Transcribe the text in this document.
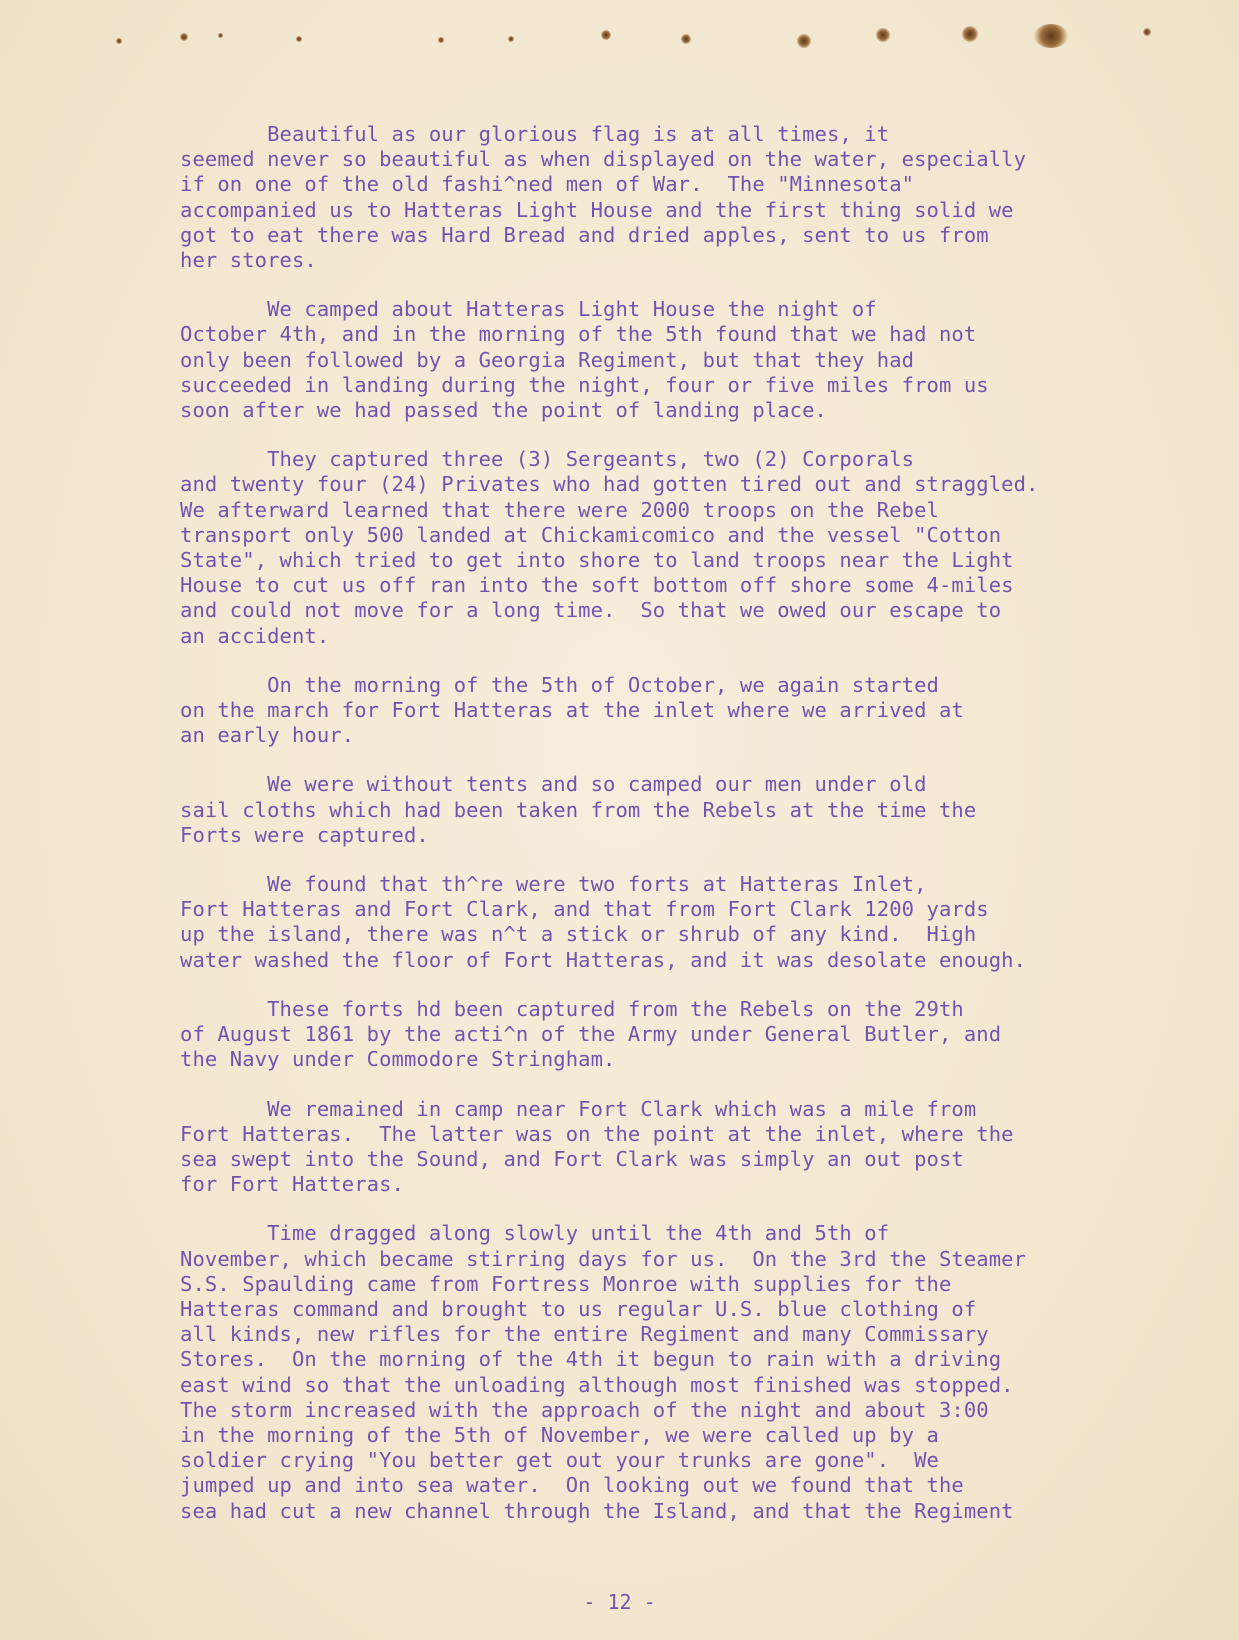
Beautiful as our glorious flag is at all times, it
seemed never so beautiful as when displayed on the water, especially
if on one of the old fashi^ned men of War.  The "Minnesota"
accompanied us to Hatteras Light House and the first thing solid we
got to eat there was Hard Bread and dried apples, sent to us from
her stores.
We camped about Hatteras Light House the night of
October 4th, and in the morning of the 5th found that we had not
only been followed by a Georgia Regiment, but that they had
succeeded in landing during the night, four or five miles from us
soon after we had passed the point of landing place.
They captured three (3) Sergeants, two (2) Corporals
and twenty four (24) Privates who had gotten tired out and straggled.
We afterward learned that there were 2000 troops on the Rebel
transport only 500 landed at Chickamicomico and the vessel "Cotton
State", which tried to get into shore to land troops near the Light
House to cut us off ran into the soft bottom off shore some 4-miles
and could not move for a long time.  So that we owed our escape to
an accident.
On the morning of the 5th of October, we again started
on the march for Fort Hatteras at the inlet where we arrived at
an early hour.
We were without tents and so camped our men under old
sail cloths which had been taken from the Rebels at the time the
Forts were captured.
We found that th^re were two forts at Hatteras Inlet,
Fort Hatteras and Fort Clark, and that from Fort Clark 1200 yards
up the island, there was n^t a stick or shrub of any kind.  High
water washed the floor of Fort Hatteras, and it was desolate enough.
These forts hd been captured from the Rebels on the 29th
of August 1861 by the acti^n of the Army under General Butler, and
the Navy under Commodore Stringham.
We remained in camp near Fort Clark which was a mile from
Fort Hatteras.  The latter was on the point at the inlet, where the
sea swept into the Sound, and Fort Clark was simply an out post
for Fort Hatteras.
Time dragged along slowly until the 4th and 5th of
November, which became stirring days for us.  On the 3rd the Steamer
S.S. Spaulding came from Fortress Monroe with supplies for the
Hatteras command and brought to us regular U.S. blue clothing of
all kinds, new rifles for the entire Regiment and many Commissary
Stores.  On the morning of the 4th it begun to rain with a driving
east wind so that the unloading although most finished was stopped.
The storm increased with the approach of the night and about 3:00
in the morning of the 5th of November, we were called up by a
soldier crying "You better get out your trunks are gone".  We
jumped up and into sea water.  On looking out we found that the
sea had cut a new channel through the Island, and that the Regiment
- 12 -
